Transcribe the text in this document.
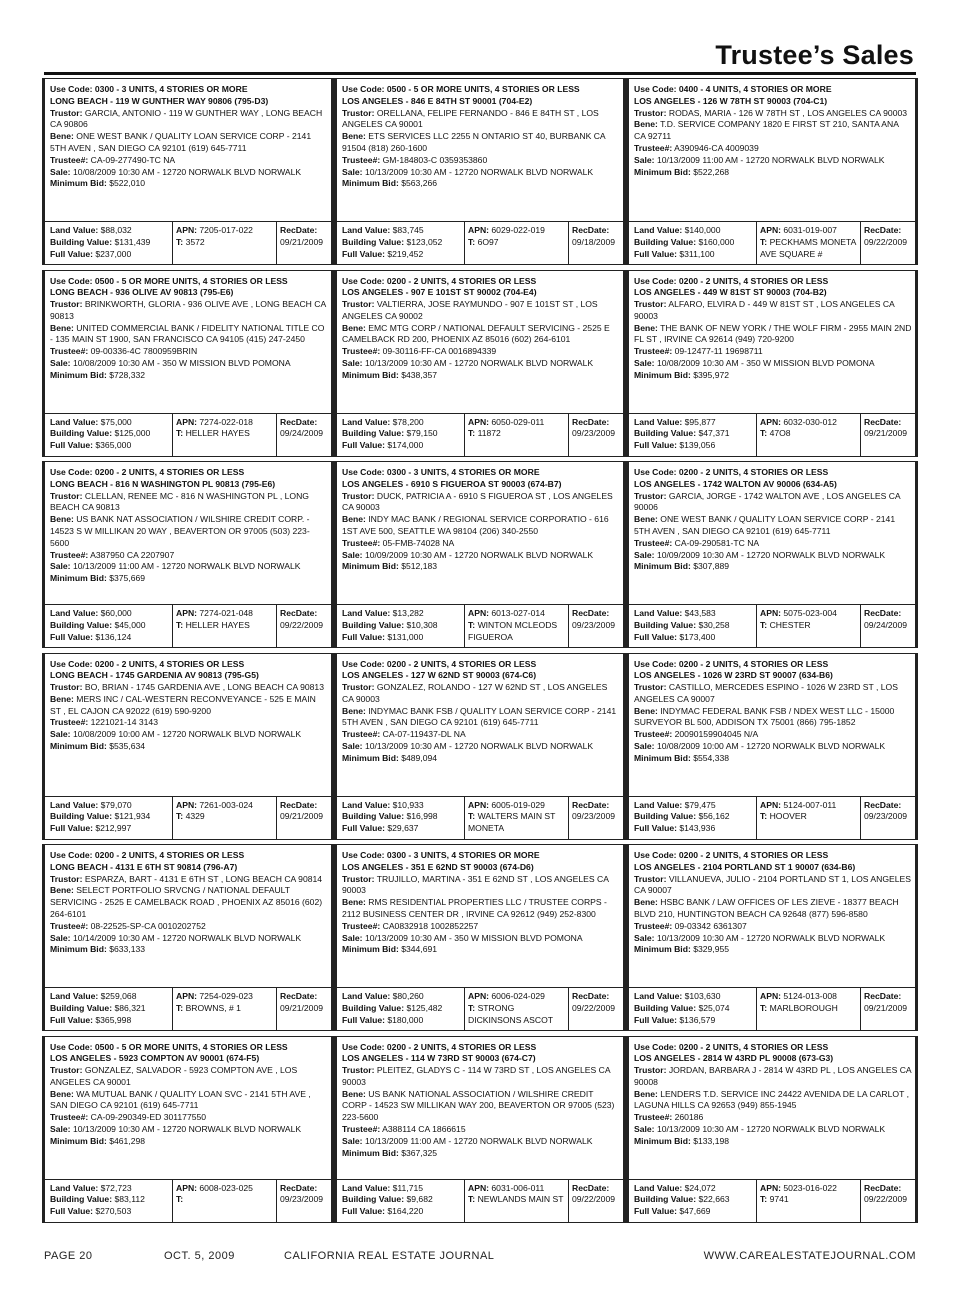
Trustee’s Sales
Use Code: 0300 - 3 UNITS, 4 STORIES OR MORE
LONG BEACH - 119 W GUNTHER WAY 90806 (795-D3)
Trustor: GARCIA, ANTONIO - 119 W GUNTHER WAY , LONG BEACH CA 90806
Bene: ONE WEST BANK / QUALITY LOAN SERVICE CORP - 2141 5TH AVEN , SAN DIEGO CA 92101 (619) 645-7711
Trustee#: CA-09-277490-TC NA
Sale: 10/08/2009 10:30 AM - 12720 NORWALK BLVD NORWALK
Minimum Bid: $522,010
Land Value: $88,032
Building Value: $131,439
Full Value: $237,000
APN: 7205-017-022
T: 3572
RecDate:
09/21/2009
Use Code: 0500 - 5 OR MORE UNITS, 4 STORIES OR LESS
LOS ANGELES - 846 E 84TH ST 90001 (704-E2)
Trustor: ORELLANA, FELIPE FERNANDO - 846 E 84TH ST , LOS ANGELES CA 90001
Bene: ETS SERVICES LLC 2255 N ONTARIO ST 40, BURBANK CA 91504 (818) 260-1600
Trustee#: GM-184803-C 0359353860
Sale: 10/13/2009 10:30 AM - 12720 NORWALK BLVD NORWALK
Minimum Bid: $563,266
Land Value: $83,745
Building Value: $123,052
Full Value: $219,452
APN: 6029-022-019
T: 6O97
RecDate:
09/18/2009
Use Code: 0400 - 4 UNITS, 4 STORIES OR MORE
LOS ANGELES - 126 W 78TH ST 90003 (704-C1)
Trustor: RODAS, MARIA - 126 W 78TH ST , LOS ANGELES CA 90003
Bene: T.D. SERVICE COMPANY 1820 E FIRST ST 210, SANTA ANA CA 92711
Trustee#: A390946-CA 4009039
Sale: 10/13/2009 11:00 AM - 12720 NORWALK BLVD NORWALK
Minimum Bid: $522,268
Land Value: $140,000
Building Value: $160,000
Full Value: $311,100
APN: 6031-019-007
T: PECKHAMS MONETA AVE SQUARE #
RecDate:
09/22/2009
Use Code: 0500 - 5 OR MORE UNITS, 4 STORIES OR LESS
LONG BEACH - 936 OLIVE AV 90813 (795-E6)
Trustor: BRINKWORTH, GLORIA - 936 OLIVE AVE , LONG BEACH CA 90813
Bene: UNITED COMMERCIAL BANK / FIDELITY NATIONAL TITLE CO - 135 MAIN ST 1900, SAN FRANCISCO CA 94105 (415) 247-2450
Trustee#: 09-00336-4C 7800959BRIN
Sale: 10/08/2009 10:30 AM - 350 W MISSION BLVD POMONA
Minimum Bid: $728,332
Land Value: $75,000
Building Value: $125,000
Full Value: $365,000
APN: 7274-022-018
T: HELLER HAYES
RecDate:
09/24/2009
Use Code: 0200 - 2 UNITS, 4 STORIES OR LESS
LOS ANGELES - 907 E 101ST ST 90002 (704-E4)
Trustor: VALTIERRA, JOSE RAYMUNDO - 907 E 101ST ST , LOS ANGELES CA 90002
Bene: EMC MTG CORP / NATIONAL DEFAULT SERVICING - 2525 E CAMELBACK RD 200, PHOENIX AZ 85016 (602) 264-6101
Trustee#: 09-30116-FF-CA 0016894339
Sale: 10/13/2009 10:30 AM - 12720 NORWALK BLVD NORWALK
Minimum Bid: $438,357
Land Value: $78,200
Building Value: $79,150
Full Value: $174,000
APN: 6050-029-011
T: 11872
RecDate:
09/23/2009
Use Code: 0200 - 2 UNITS, 4 STORIES OR LESS
LOS ANGELES - 449 W 81ST ST 90003 (704-B2)
Trustor: ALFARO, ELVIRA D - 449 W 81ST ST , LOS ANGELES CA 90003
Bene: THE BANK OF NEW YORK / THE WOLF FIRM - 2955 MAIN 2ND FL ST , IRVINE CA 92614 (949) 720-9200
Trustee#: 09-12477-11 19698711
Sale: 10/08/2009 10:30 AM - 350 W MISSION BLVD POMONA
Minimum Bid: $395,972
Land Value: $95,877
Building Value: $47,371
Full Value: $139,056
APN: 6032-030-012
T: 47O8
RecDate:
09/21/2009
Use Code: 0200 - 2 UNITS, 4 STORIES OR LESS
LONG BEACH - 816 N WASHINGTON PL 90813 (795-E6)
Trustor: CLELLAN, RENEE MC - 816 N WASHINGTON PL , LONG BEACH CA 90813
Bene: US BANK NAT ASSOCIATION / WILSHIRE CREDIT CORP. - 14523 S W MILLIKAN 20 WAY , BEAVERTON OR 97005 (503) 223-5600
Trustee#: A387950 CA 2207907
Sale: 10/13/2009 11:00 AM - 12720 NORWALK BLVD NORWALK
Minimum Bid: $375,669
Land Value: $60,000
Building Value: $45,000
Full Value: $136,124
APN: 7274-021-048
T: HELLER HAYES
RecDate:
09/22/2009
Use Code: 0300 - 3 UNITS, 4 STORIES OR MORE
LOS ANGELES - 6910 S FIGUEROA ST 90003 (674-B7)
Trustor: DUCK, PATRICIA A - 6910 S FIGUEROA ST , LOS ANGELES CA 90003
Bene: INDY MAC BANK / REGIONAL SERVICE CORPORATIO - 616 1ST AVE 500, SEATTLE WA 98104 (206) 340-2550
Trustee#: 05-FMB-74028 NA
Sale: 10/09/2009 10:30 AM - 12720 NORWALK BLVD NORWALK
Minimum Bid: $512,183
Land Value: $13,282
Building Value: $10,308
Full Value: $131,000
APN: 6013-027-014
T: WINTON MCLEODS FIGUEROA
RecDate:
09/23/2009
Use Code: 0200 - 2 UNITS, 4 STORIES OR LESS
LOS ANGELES - 1742 WALTON AV 90006 (634-A5)
Trustor: GARCIA, JORGE - 1742 WALTON AVE , LOS ANGELES CA 90006
Bene: ONE WEST BANK / QUALITY LOAN SERVICE CORP - 2141 5TH AVEN , SAN DIEGO CA 92101 (619) 645-7711
Trustee#: CA-09-290581-TC NA
Sale: 10/09/2009 10:30 AM - 12720 NORWALK BLVD NORWALK
Minimum Bid: $307,889
Land Value: $43,583
Building Value: $30,258
Full Value: $173,400
APN: 5075-023-004
T: CHESTER
RecDate:
09/24/2009
Use Code: 0200 - 2 UNITS, 4 STORIES OR LESS
LONG BEACH - 1745 GARDENIA AV 90813 (795-G5)
Trustor: BO, BRIAN - 1745 GARDENIA AVE , LONG BEACH CA 90813
Bene: MERS INC / CAL-WESTERN RECONVEYANCE - 525 E MAIN ST , EL CAJON CA 92022 (619) 590-9200
Trustee#: 1221021-14 3143
Sale: 10/08/2009 10:00 AM - 12720 NORWALK BLVD NORWALK
Minimum Bid: $535,634
Land Value: $79,070
Building Value: $121,934
Full Value: $212,997
APN: 7261-003-024
T: 4329
RecDate:
09/21/2009
Use Code: 0200 - 2 UNITS, 4 STORIES OR LESS
LOS ANGELES - 127 W 62ND ST 90003 (674-C6)
Trustor: GONZALEZ, ROLANDO - 127 W 62ND ST , LOS ANGELES CA 90003
Bene: INDYMAC BANK FSB / QUALITY LOAN SERVICE CORP - 2141 5TH AVEN , SAN DIEGO CA 92101 (619) 645-7711
Trustee#: CA-07-119437-DL NA
Sale: 10/13/2009 10:30 AM - 12720 NORWALK BLVD NORWALK
Minimum Bid: $489,094
Land Value: $10,933
Building Value: $16,998
Full Value: $29,637
APN: 6005-019-029
T: WALTERS MAIN ST MONETA
RecDate:
09/23/2009
Use Code: 0200 - 2 UNITS, 4 STORIES OR LESS
LOS ANGELES - 1026 W 23RD ST 90007 (634-B6)
Trustor: CASTILLO, MERCEDES ESPINO - 1026 W 23RD ST , LOS ANGELES CA 90007
Bene: INDYMAC FEDERAL BANK FSB / NDEX WEST LLC - 15000 SURVEYOR BL 500, ADDISON TX 75001 (866) 795-1852
Trustee#: 20090159904045 N/A
Sale: 10/08/2009 10:00 AM - 12720 NORWALK BLVD NORWALK
Minimum Bid: $554,338
Land Value: $79,475
Building Value: $56,162
Full Value: $143,936
APN: 5124-007-011
T: HOOVER
RecDate:
09/23/2009
Use Code: 0200 - 2 UNITS, 4 STORIES OR LESS
LONG BEACH - 4131 E 6TH ST 90814 (796-A7)
Trustor: ESPARZA, BART - 4131 E 6TH ST , LONG BEACH CA 90814
Bene: SELECT PORTFOLIO SRVCNG / NATIONAL DEFAULT SERVICING - 2525 E CAMELBACK ROAD , PHOENIX AZ 85016 (602) 264-6101
Trustee#: 08-22525-SP-CA 0010202752
Sale: 10/14/2009 10:30 AM - 12720 NORWALK BLVD NORWALK
Minimum Bid: $633,133
Land Value: $259,068
Building Value: $86,321
Full Value: $365,998
APN: 7254-029-023
T: BROWNS, # 1
RecDate:
09/21/2009
Use Code: 0300 - 3 UNITS, 4 STORIES OR MORE
LOS ANGELES - 351 E 62ND ST 90003 (674-D6)
Trustor: TRUJILLO, MARTINA - 351 E 62ND ST , LOS ANGELES CA 90003
Bene: RMS RESIDENTIAL PROPERTIES LLC / TRUSTEE CORPS - 2112 BUSINESS CENTER DR , IRVINE CA 92612 (949) 252-8300
Trustee#: CA0832918 1002852257
Sale: 10/13/2009 10:30 AM - 350 W MISSION BLVD POMONA
Minimum Bid: $344,691
Land Value: $80,260
Building Value: $125,482
Full Value: $180,000
APN: 6006-024-029
T: STRONG DICKINSONS ASCOT
RecDate:
09/22/2009
Use Code: 0200 - 2 UNITS, 4 STORIES OR LESS
LOS ANGELES - 2104 PORTLAND ST 1 90007 (634-B6)
Trustor: VILLANUEVA, JULIO - 2104 PORTLAND ST 1, LOS ANGELES CA 90007
Bene: HSBC BANK / LAW OFFICES OF LES ZIEVE - 18377 BEACH BLVD 210, HUNTINGTON BEACH CA 92648 (877) 596-8580
Trustee#: 09-03342 6361307
Sale: 10/13/2009 10:30 AM - 12720 NORWALK BLVD NORWALK
Minimum Bid: $329,955
Land Value: $103,630
Building Value: $25,074
Full Value: $136,579
APN: 5124-013-008
T: MARLBOROUGH
RecDate:
09/21/2009
Use Code: 0500 - 5 OR MORE UNITS, 4 STORIES OR LESS
LOS ANGELES - 5923 COMPTON AV 90001 (674-F5)
Trustor: GONZALEZ, SALVADOR - 5923 COMPTON AVE , LOS ANGELES CA 90001
Bene: WA MUTUAL BANK / QUALITY LOAN SVC - 2141 5TH AVE , SAN DIEGO CA 92101 (619) 645-7711
Trustee#: CA-09-290349-ED 301177550
Sale: 10/13/2009 10:30 AM - 12720 NORWALK BLVD NORWALK
Minimum Bid: $461,298
Land Value: $72,723
Building Value: $83,112
Full Value: $270,503
APN: 6008-023-025
T:
RecDate:
09/23/2009
Use Code: 0200 - 2 UNITS, 4 STORIES OR LESS
LOS ANGELES - 114 W 73RD ST 90003 (674-C7)
Trustor: PLEITEZ, GLADYS C - 114 W 73RD ST , LOS ANGELES CA 90003
Bene: US BANK NATIONAL ASSOCIATION / WILSHIRE CREDIT CORP - 14523 SW MILLIKAN WAY 200, BEAVERTON OR 97005 (523) 223-5600
Trustee#: A388114 CA 1866615
Sale: 10/13/2009 11:00 AM - 12720 NORWALK BLVD NORWALK
Minimum Bid: $367,325
Land Value: $11,715
Building Value: $9,682
Full Value: $164,220
APN: 6031-006-011
T: NEWLANDS MAIN ST
RecDate:
09/22/2009
Use Code: 0200 - 2 UNITS, 4 STORIES OR LESS
LOS ANGELES - 2814 W 43RD PL 90008 (673-G3)
Trustor: JORDAN, BARBARA J - 2814 W 43RD PL , LOS ANGELES CA 90008
Bene: LENDERS T.D. SERVICE INC 24422 AVENIDA DE LA CARLOT , LAGUNA HILLS CA 92653 (949) 855-1945
Trustee#: 260186
Sale: 10/13/2009 10:30 AM - 12720 NORWALK BLVD NORWALK
Minimum Bid: $133,198
Land Value: $24,072
Building Value: $22,663
Full Value: $47,669
APN: 5023-016-022
T: 9741
RecDate:
09/22/2009
PAGE 20	OCT. 5, 2009	CALIFORNIA REAL ESTATE JOURNAL	WWW.CAREALESTATEJOURNAL.COM
